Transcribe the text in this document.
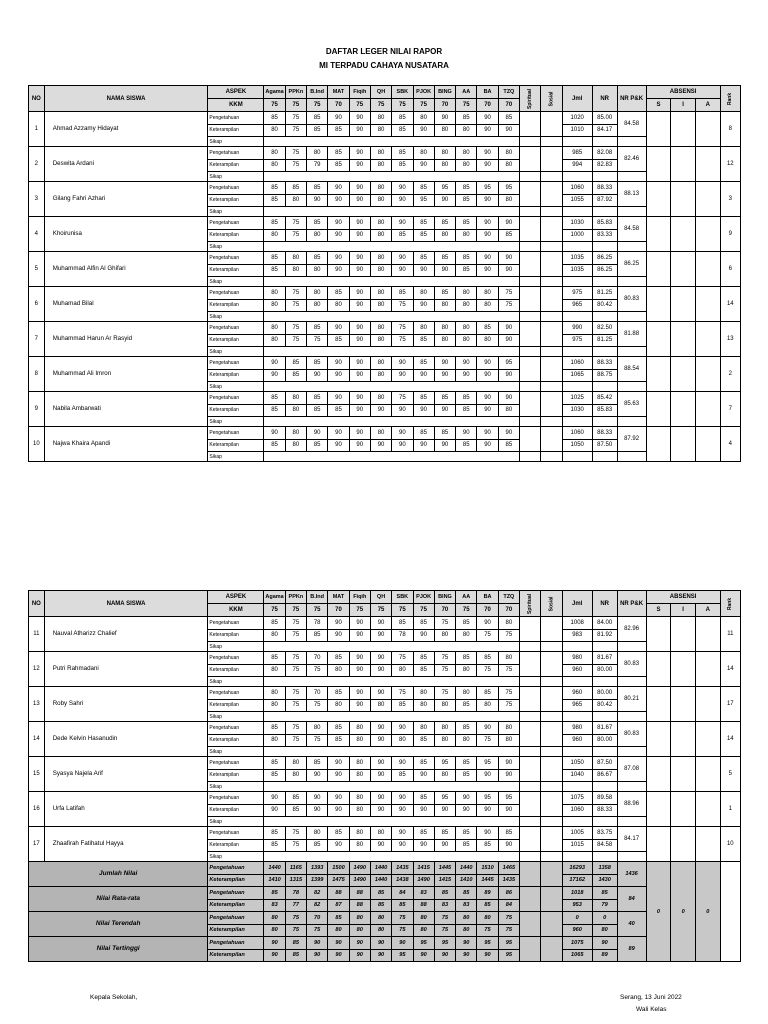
DAFTAR LEGER NILAI RAPOR
MI TERPADU CAHAYA NUSATARA
NO	NAMA SISWA	ASPEK	Agama	PPKn	B.Ind	MAT	Fiqih	QH	SBK	PJOK	BING	AA	BA	TZQ	Spiritual	Sosial	Jml	NR	NR P&K	ABSENSI			Rank
		KKM	75	75	75	70	75	75	75	75	70	75	70	70						S	I	A	
1	Ahmad Azzamy Hidayat	Pengetahuan	85	75	85	90	90	80	85	80	90	85	90	85			1020	85.00	84.58				8
		Keterampilan	80	75	85	85	90	80	85	90	80	80	90	90			1010	84.17					
		Sikap																					
2	Deswita Ardani	Pengetahuan	80	75	80	85	90	80	85	80	80	80	90	80			985	82.08	82.46				12
		Keterampilan	80	75	79	85	90	80	85	90	80	80	90	80			994	82.83					
		Sikap																					
3	Gilang Fahri Azhari	Pengetahuan	85	85	85	90	90	80	90	85	95	85	95	95			1060	88.33	88.13				3
		Keterampilan	85	80	90	90	90	80	90	95	90	85	90	80			1055	87.92					
		Sikap																					
4	Khoirunisa	Pengetahuan	85	75	85	90	90	80	90	85	85	85	90	90			1030	85.83	84.58				9
		Keterampilan	80	75	80	90	90	80	85	85	80	80	90	85			1000	83.33					
		Sikap																					
5	Muhammad Alfin Al Ghifari	Pengetahuan	85	80	85	90	90	80	90	85	85	85	90	90			1035	86.25	86.25				6
		Keterampilan	85	80	80	90	90	80	90	90	90	85	90	90			1035	86.25					
		Sikap																					
6	Muhamad Bilal	Pengetahuan	80	75	80	85	90	80	85	80	85	80	80	75			975	81.25	80.83				14
		Keterampilan	80	75	80	80	90	80	75	90	80	80	80	75			965	80.42					
		Sikap																					
7	Muhammad Harun Ar Rasyid	Pengetahuan	80	75	85	90	90	80	75	80	80	80	85	90			990	82.50	81.88				13
		Keterampilan	80	75	75	85	90	80	75	85	80	80	80	90			975	81.25					
		Sikap																					
8	Muhammad Ali Imron	Pengetahuan	90	85	85	90	90	80	90	85	90	90	90	95			1060	88.33	88.54				2
		Keterampilan	90	85	90	90	90	80	90	90	90	90	90	90			1065	88.75					
		Sikap																					
9	Nabila Ambarwati	Pengetahuan	85	80	85	90	90	80	75	85	85	85	90	90			1025	85.42	85.63				7
		Keterampilan	85	80	85	85	90	90	90	90	90	85	90	80			1030	85.83					
		Sikap																					
10	Najwa Khaira Apandi	Pengetahuan	90	80	90	90	90	80	90	85	85	90	90	90			1060	88.33	87.92				4
		Keterampilan	85	80	85	90	90	90	90	90	90	85	90	85			1050	87.50					
		Sikap																					
NO	NAMA SISWA	ASPEK	Agama	PPKn	B.Ind	MAT	Fiqih	QH	SBK	PJOK	BING	AA	BA	TZQ	Spiritual	Sosial	Jml	NR	NR P&K	ABSENSI			Rank
		KKM	75	75	75	70	75	75	75	75	70	75	70	70						S	I	A	
11	Nauval Atharizz Chalief	Pengetahuan	85	75	78	90	90	90	85	85	75	85	90	80			1008	84.00	82.96				11
		Keterampilan	80	75	85	90	90	90	78	90	80	80	75	75			983	81.92					
		Sikap																					
12	Putri Rahmadani	Pengetahuan	85	75	70	85	90	90	75	85	75	85	85	80			980	81.67	80.83				14
		Keterampilan	80	75	75	80	90	90	80	85	75	80	75	75			960	80.00					
		Sikap																					
13	Roby Sahri	Pengetahuan	80	75	70	85	90	90	75	80	75	80	85	75			960	80.00	80.21				17
		Keterampilan	80	75	75	80	90	80	85	80	80	85	80	75			965	80.42					
		Sikap																					
14	Dede Kelvin Hasanudin	Pengetahuan	85	75	80	85	80	90	90	80	80	85	90	80			980	81.67	80.83				14
		Keterampilan	80	75	75	85	80	90	80	85	80	80	75	80			960	80.00					
		Sikap																					
15	Syasya Najela Arif	Pengetahuan	85	80	85	90	80	90	90	85	95	85	95	90			1050	87.50	87.08				5
		Keterampilan	85	80	90	90	80	90	85	90	80	85	90	90			1040	86.67					
		Sikap																					
16	Urfa Latifah	Pengetahuan	90	85	90	90	80	90	90	85	95	90	95	95			1075	89.58	88.96				1
		Keterampilan	90	85	90	90	80	90	90	90	90	90	90	90			1060	88.33					
		Sikap																					
17	Zhaafirah Fatihatul Hayya	Pengetahuan	85	75	80	85	80	80	90	85	85	85	90	85			1005	83.75	84.17				10
		Keterampilan	85	75	85	90	80	90	90	90	90	85	85	90			1015	84.58					
		Sikap																					
Jumlah Nilai		Pengetahuan	1440	1165	1393	1500	1490	1440	1435	1415	1445	1440	1510	1465			16293	1358	1436	0	0	0	
		Keterampilan	1410	1315	1399	1475	1490	1440	1438	1490	1415	1410	1445	1435			17162	1430					
Nilai Rata-rata		Pengetahuan	85	78	82	88	88	85	84	83	85	85	89	86			1018	85	84				
		Keterampilan	83	77	82	87	88	85	85	88	83	83	85	84			953	79					
Nilai Terendah		Pengetahuan	80	75	70	85	80	80	75	80	75	80	80	75			0	0	40				
		Keterampilan	80	75	75	80	80	80	75	80	75	80	75	75			960	80					
Nilai Tertinggi		Pengetahuan	90	85	90	90	90	90	90	95	95	90	95	95			1075	90	89				
		Keterampilan	90	85	90	90	90	90	95	90	90	90	90	95			1065	89					
Kepala Sekolah,	Serang, 13 Juni 2022
Wali Kelas
